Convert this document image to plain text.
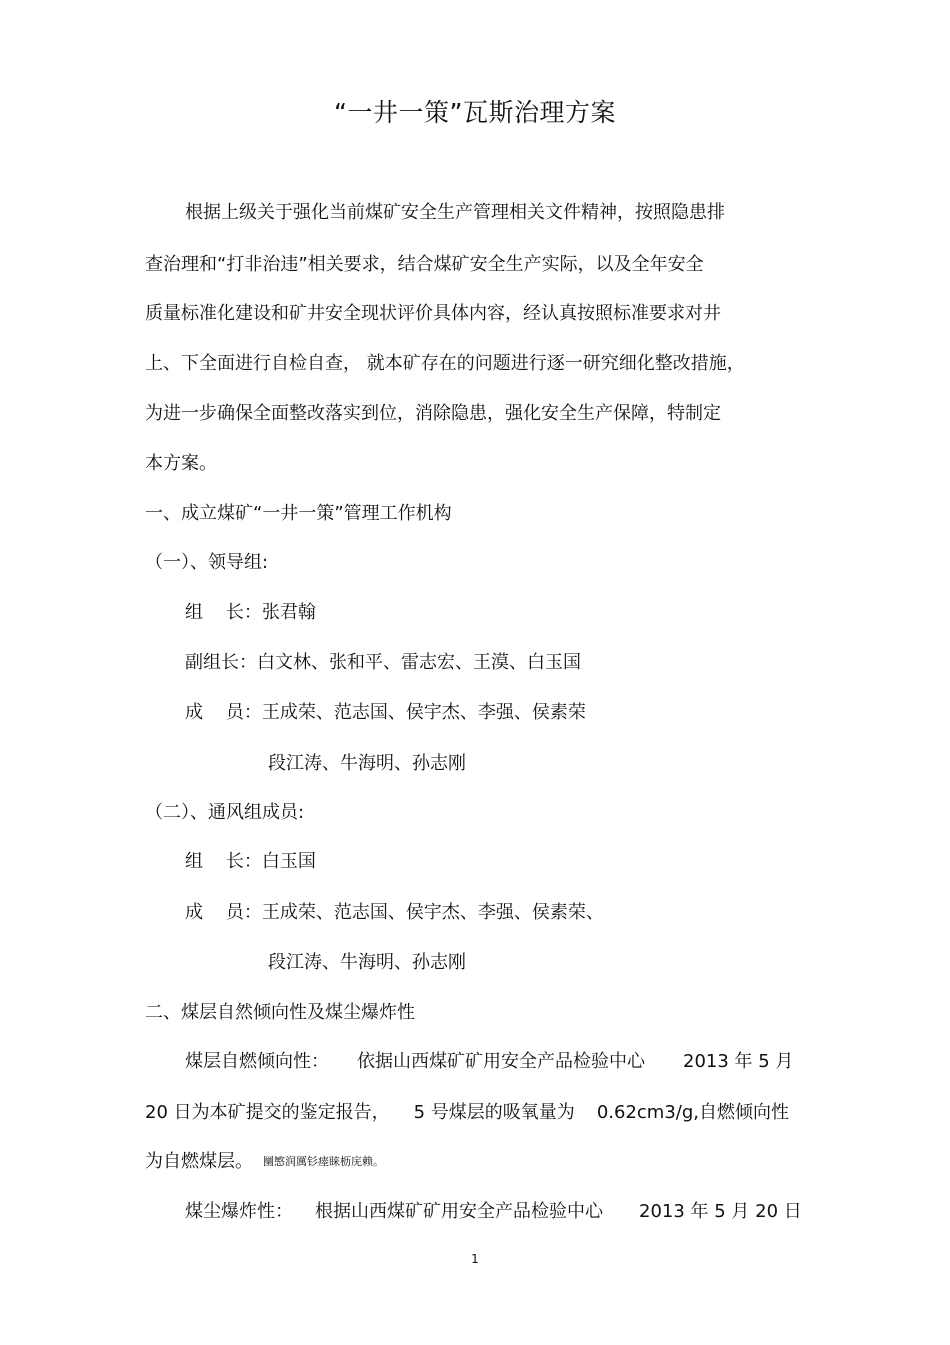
“一井一策”瓦斯治理方案
根据上级关于强化当前煤矿安全生产管理相关文件精神，按照隐患排
查治理和“打非治违”相关要求，结合煤矿安全生产实际，以及全年安全
质量标准化建设和矿井安全现状评价具体内容，经认真按照标准要求对井
上、下全面进行自检自查， 就本矿存在的问题进行逐一研究细化整改措施，
为进一步确保全面整改落实到位，消除隐患，强化安全生产保障，特制定
本方案。
一、成立煤矿“一井一策”管理工作机构
（一）、领导组:
组    长：张君翰
副组长：白文林、张和平、雷志宏、王漠、白玉国
成    员：王成荣、范志国、侯宇杰、李强、侯素荣
段江涛、牛海明、孙志刚
（二）、通风组成员:
组    长：白玉国
成    员：王成荣、范志国、侯宇杰、李强、侯素荣、
段江涛、牛海明、孙志刚
二、煤层自然倾向性及煤尘爆炸性
煤层自燃倾向性： 依据山西煤矿矿用安全产品检验中心 2013 年 5 月
20 日为本矿提交的鉴定报告， 5 号煤层的吸氧量为 0.62cm3/g,自燃倾向性
为自燃煤层。 圞慜润厲钐瘗睐枥庑赖。
煤尘爆炸性： 根据山西煤矿矿用安全产品检验中心 2013 年 5 月 20 日
1
